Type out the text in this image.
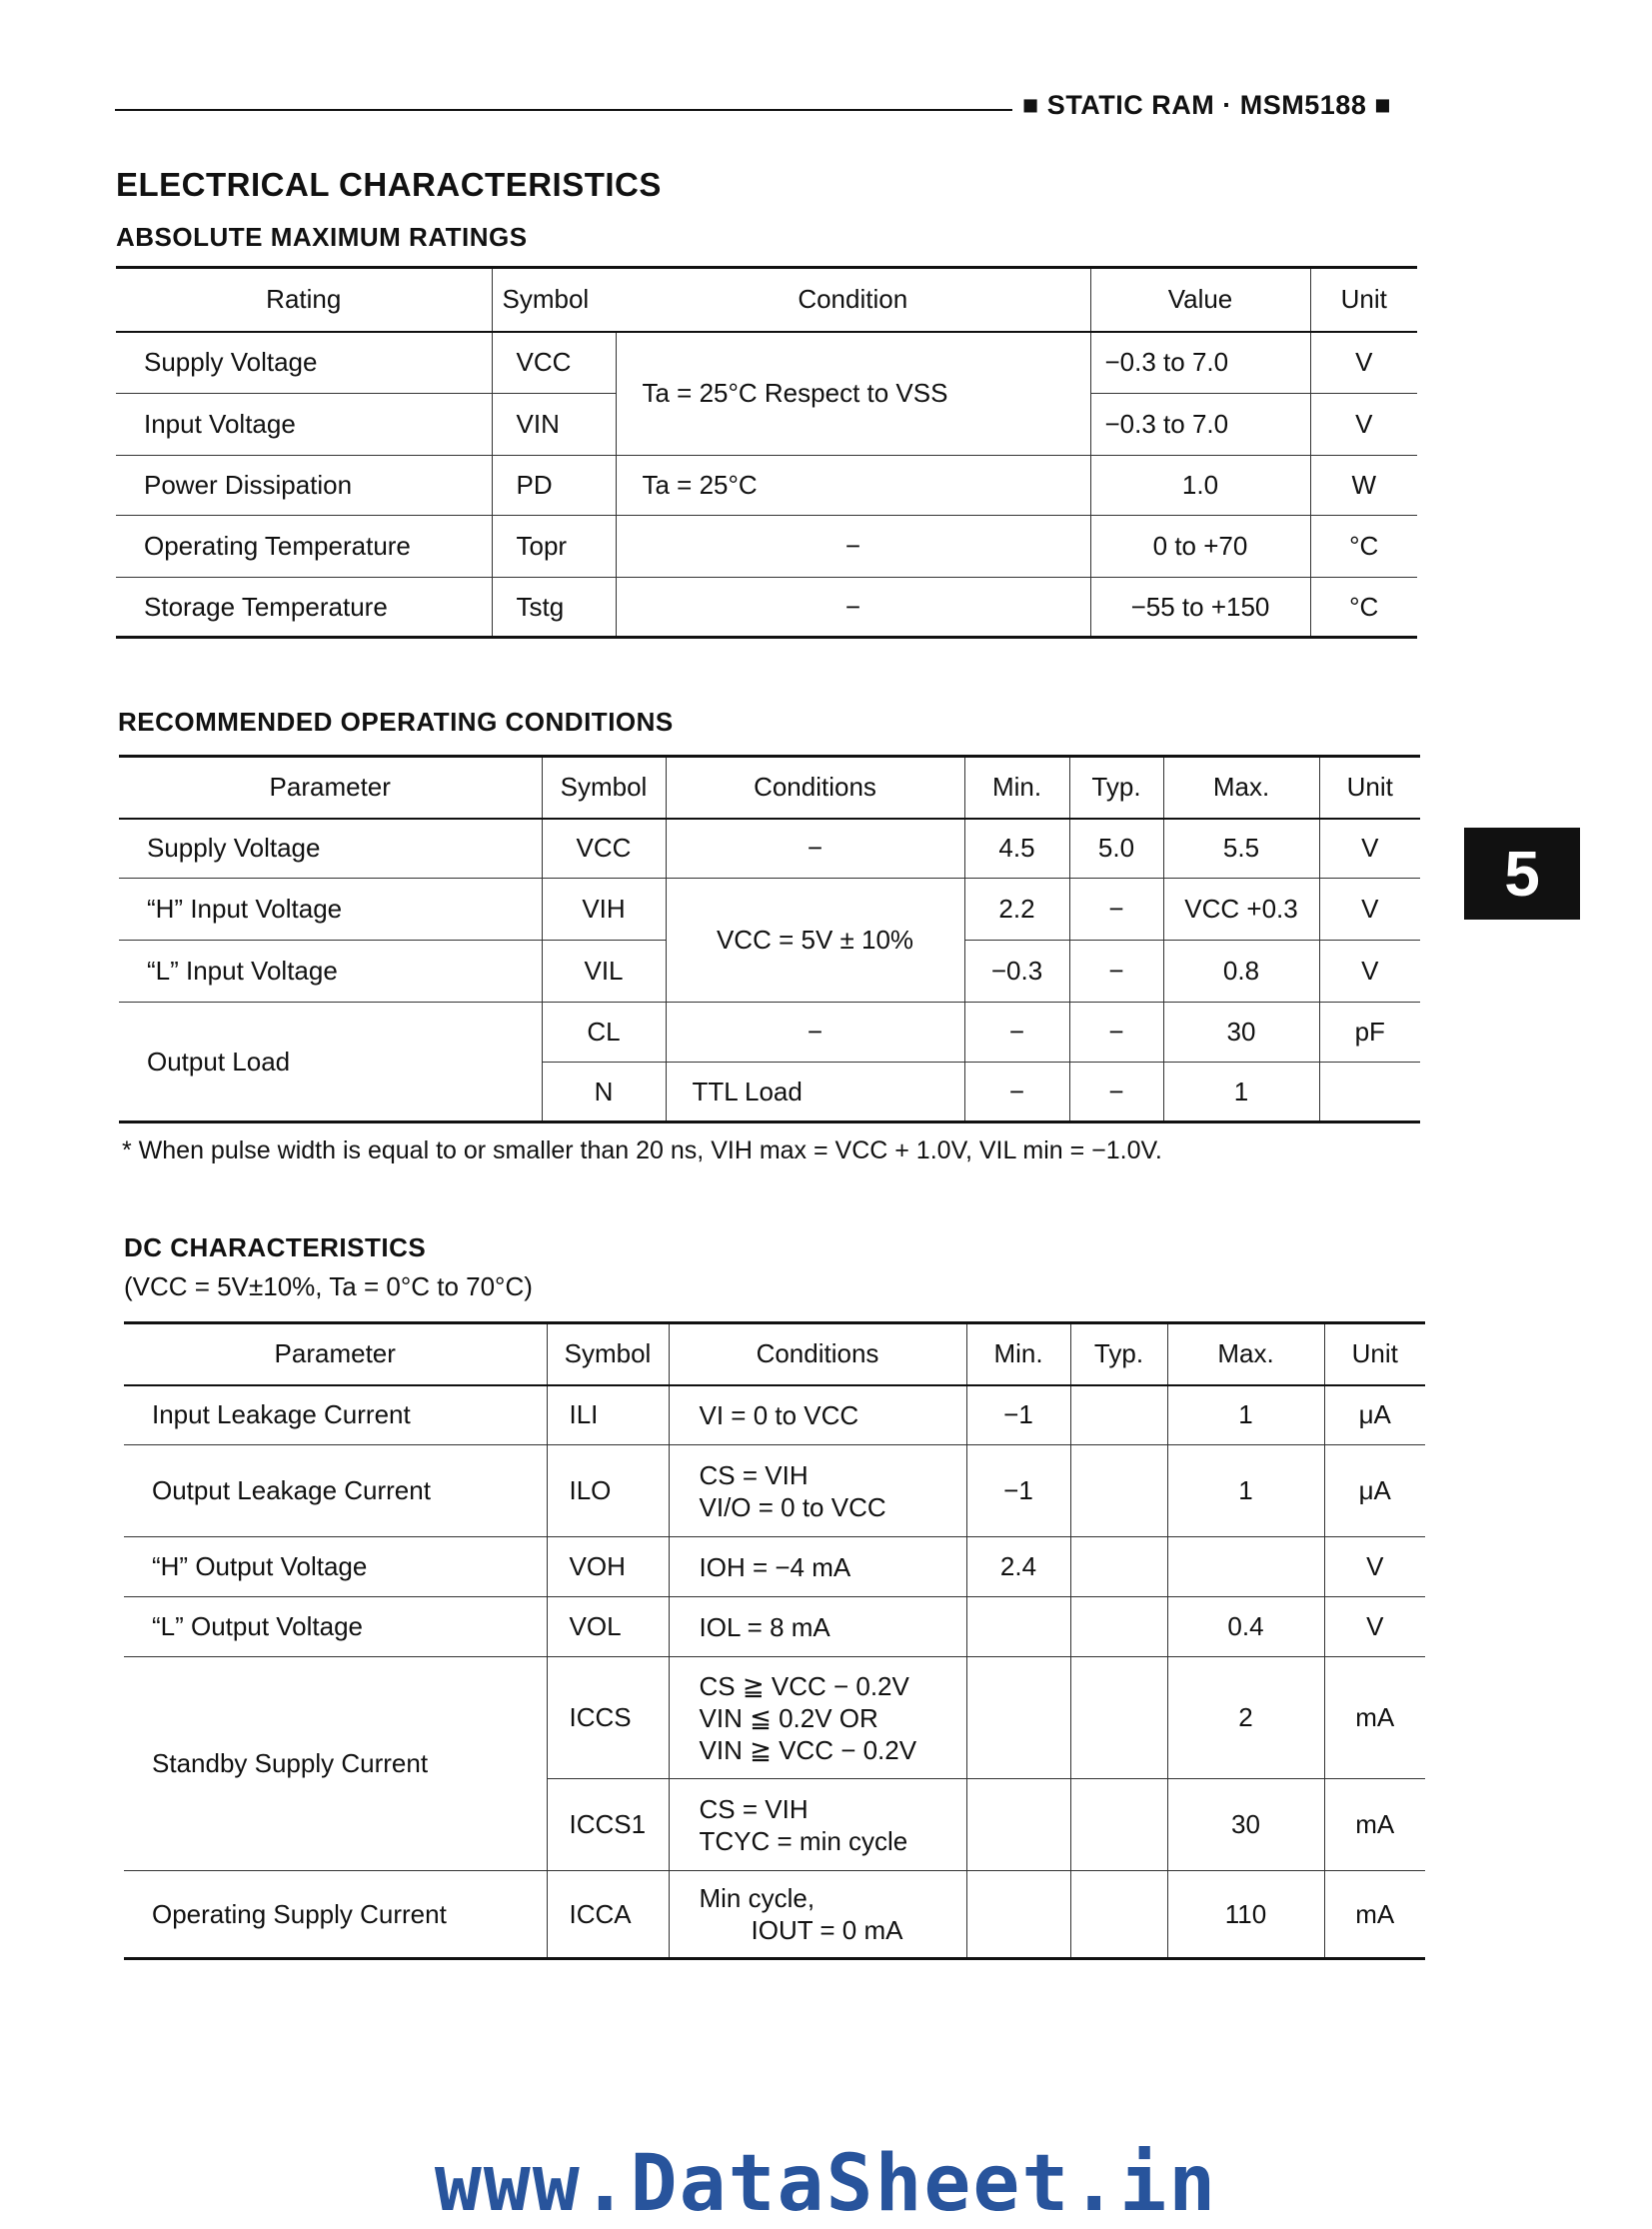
■ STATIC RAM · MSM5188 ■
5
ELECTRICAL CHARACTERISTICS
ABSOLUTE MAXIMUM RATINGS
Rating	Symbol	Condition	Value	Unit
Supply Voltage	VCC	Ta = 25°C Respect to VSS	−0.3 to 7.0	V
Input Voltage	VIN		−0.3 to 7.0	V
Power Dissipation	PD	Ta = 25°C	1.0	W
Operating Temperature	Topr	−	0 to +70	°C
Storage Temperature	Tstg	−	−55 to +150	°C
RECOMMENDED OPERATING CONDITIONS
Parameter	Symbol	Conditions	Min.	Typ.	Max.	Unit
Supply Voltage	VCC	−	4.5	5.0	5.5	V
“H” Input Voltage	VIH	VCC = 5V ± 10%	2.2	−	VCC +0.3	V
“L” Input Voltage	VIL		−0.3	−	0.8	V
Output Load	CL	−	−	−	30	pF
	N	TTL Load	−	−	1	
* When pulse width is equal to or smaller than 20 ns, VIH max = VCC + 1.0V, VIL min = −1.0V.
DC CHARACTERISTICS
(VCC = 5V±10%, Ta = 0°C to 70°C)
Parameter	Symbol	Conditions	Min.	Typ.	Max.	Unit
Input Leakage Current	ILI	VI = 0 to VCC	−1		1	μA
Output Leakage Current	ILO	CS = VIH
VI/O = 0 to VCC	−1		1	μA
“H” Output Voltage	VOH	IOH = −4 mA	2.4			V
“L” Output Voltage	VOL	IOL = 8 mA			0.4	V
Standby Supply Current	ICCS	CS ≧ VCC − 0.2V
VIN ≦ 0.2V OR
VIN ≧ VCC − 0.2V			2	mA
	ICCS1	CS = VIH
TCYC = min cycle			30	mA
Operating Supply Current	ICCA	Min cycle,
IOUT = 0 mA			110	mA
www.DataSheet.in
